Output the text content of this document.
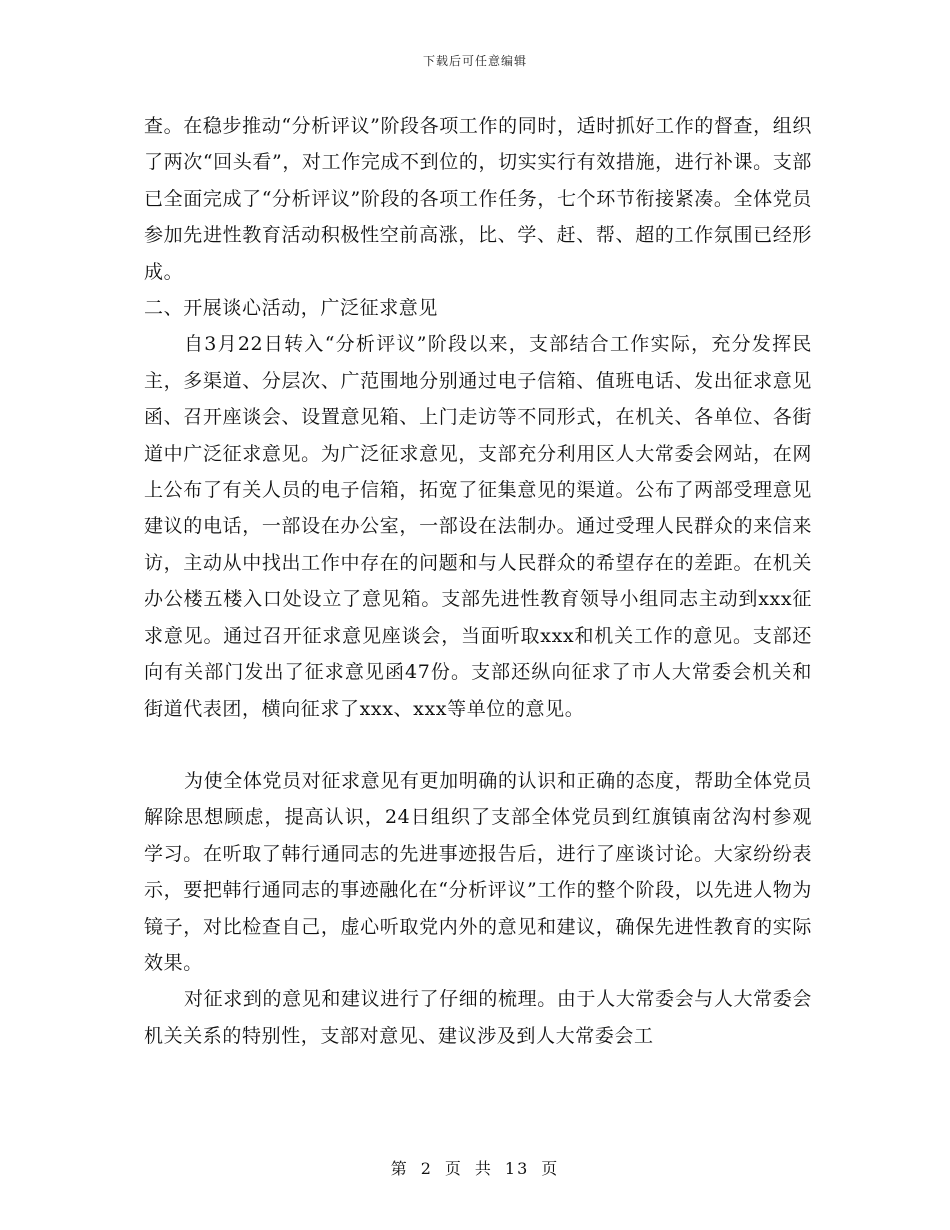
下载后可任意编辑

查。在稳步推动“分析评议”阶段各项工作的同时，适时抓好工作的督查，组织了两次“回头看”，对工作完成不到位的，切实实行有效措施，进行补课。支部已全面完成了“分析评议”阶段的各项工作任务，七个环节衔接紧凑。全体党员参加先进性教育活动积极性空前高涨，比、学、赶、帮、超的工作氛围已经形成。

二、开展谈心活动，广泛征求意见

自3月22日转入“分析评议”阶段以来，支部结合工作实际，充分发挥民主，多渠道、分层次、广范围地分别通过电子信箱、值班电话、发出征求意见函、召开座谈会、设置意见箱、上门走访等不同形式，在机关、各单位、各街道中广泛征求意见。为广泛征求意见，支部充分利用区人大常委会网站，在网上公布了有关人员的电子信箱，拓宽了征集意见的渠道。公布了两部受理意见建议的电话，一部设在办公室，一部设在法制办。通过受理人民群众的来信来访，主动从中找出工作中存在的问题和与人民群众的希望存在的差距。在机关办公楼五楼入口处设立了意见箱。支部先进性教育领导小组同志主动到xxx征求意见。通过召开征求意见座谈会，当面听取xxx和机关工作的意见。支部还向有关部门发出了征求意见函47份。支部还纵向征求了市人大常委会机关和街道代表团，横向征求了xxx、xxx等单位的意见。

为使全体党员对征求意见有更加明确的认识和正确的态度，帮助全体党员解除思想顾虑，提高认识，24日组织了支部全体党员到红旗镇南岔沟村参观学习。在听取了韩行通同志的先进事迹报告后，进行了座谈讨论。大家纷纷表示，要把韩行通同志的事迹融化在“分析评议”工作的整个阶段，以先进人物为镜子，对比检查自己，虚心听取党内外的意见和建议，确保先进性教育的实际效果。

对征求到的意见和建议进行了仔细的梳理。由于人大常委会与人大常委会机关关系的特别性，支部对意见、建议涉及到人大常委会工

第 2 页 共 13 页
